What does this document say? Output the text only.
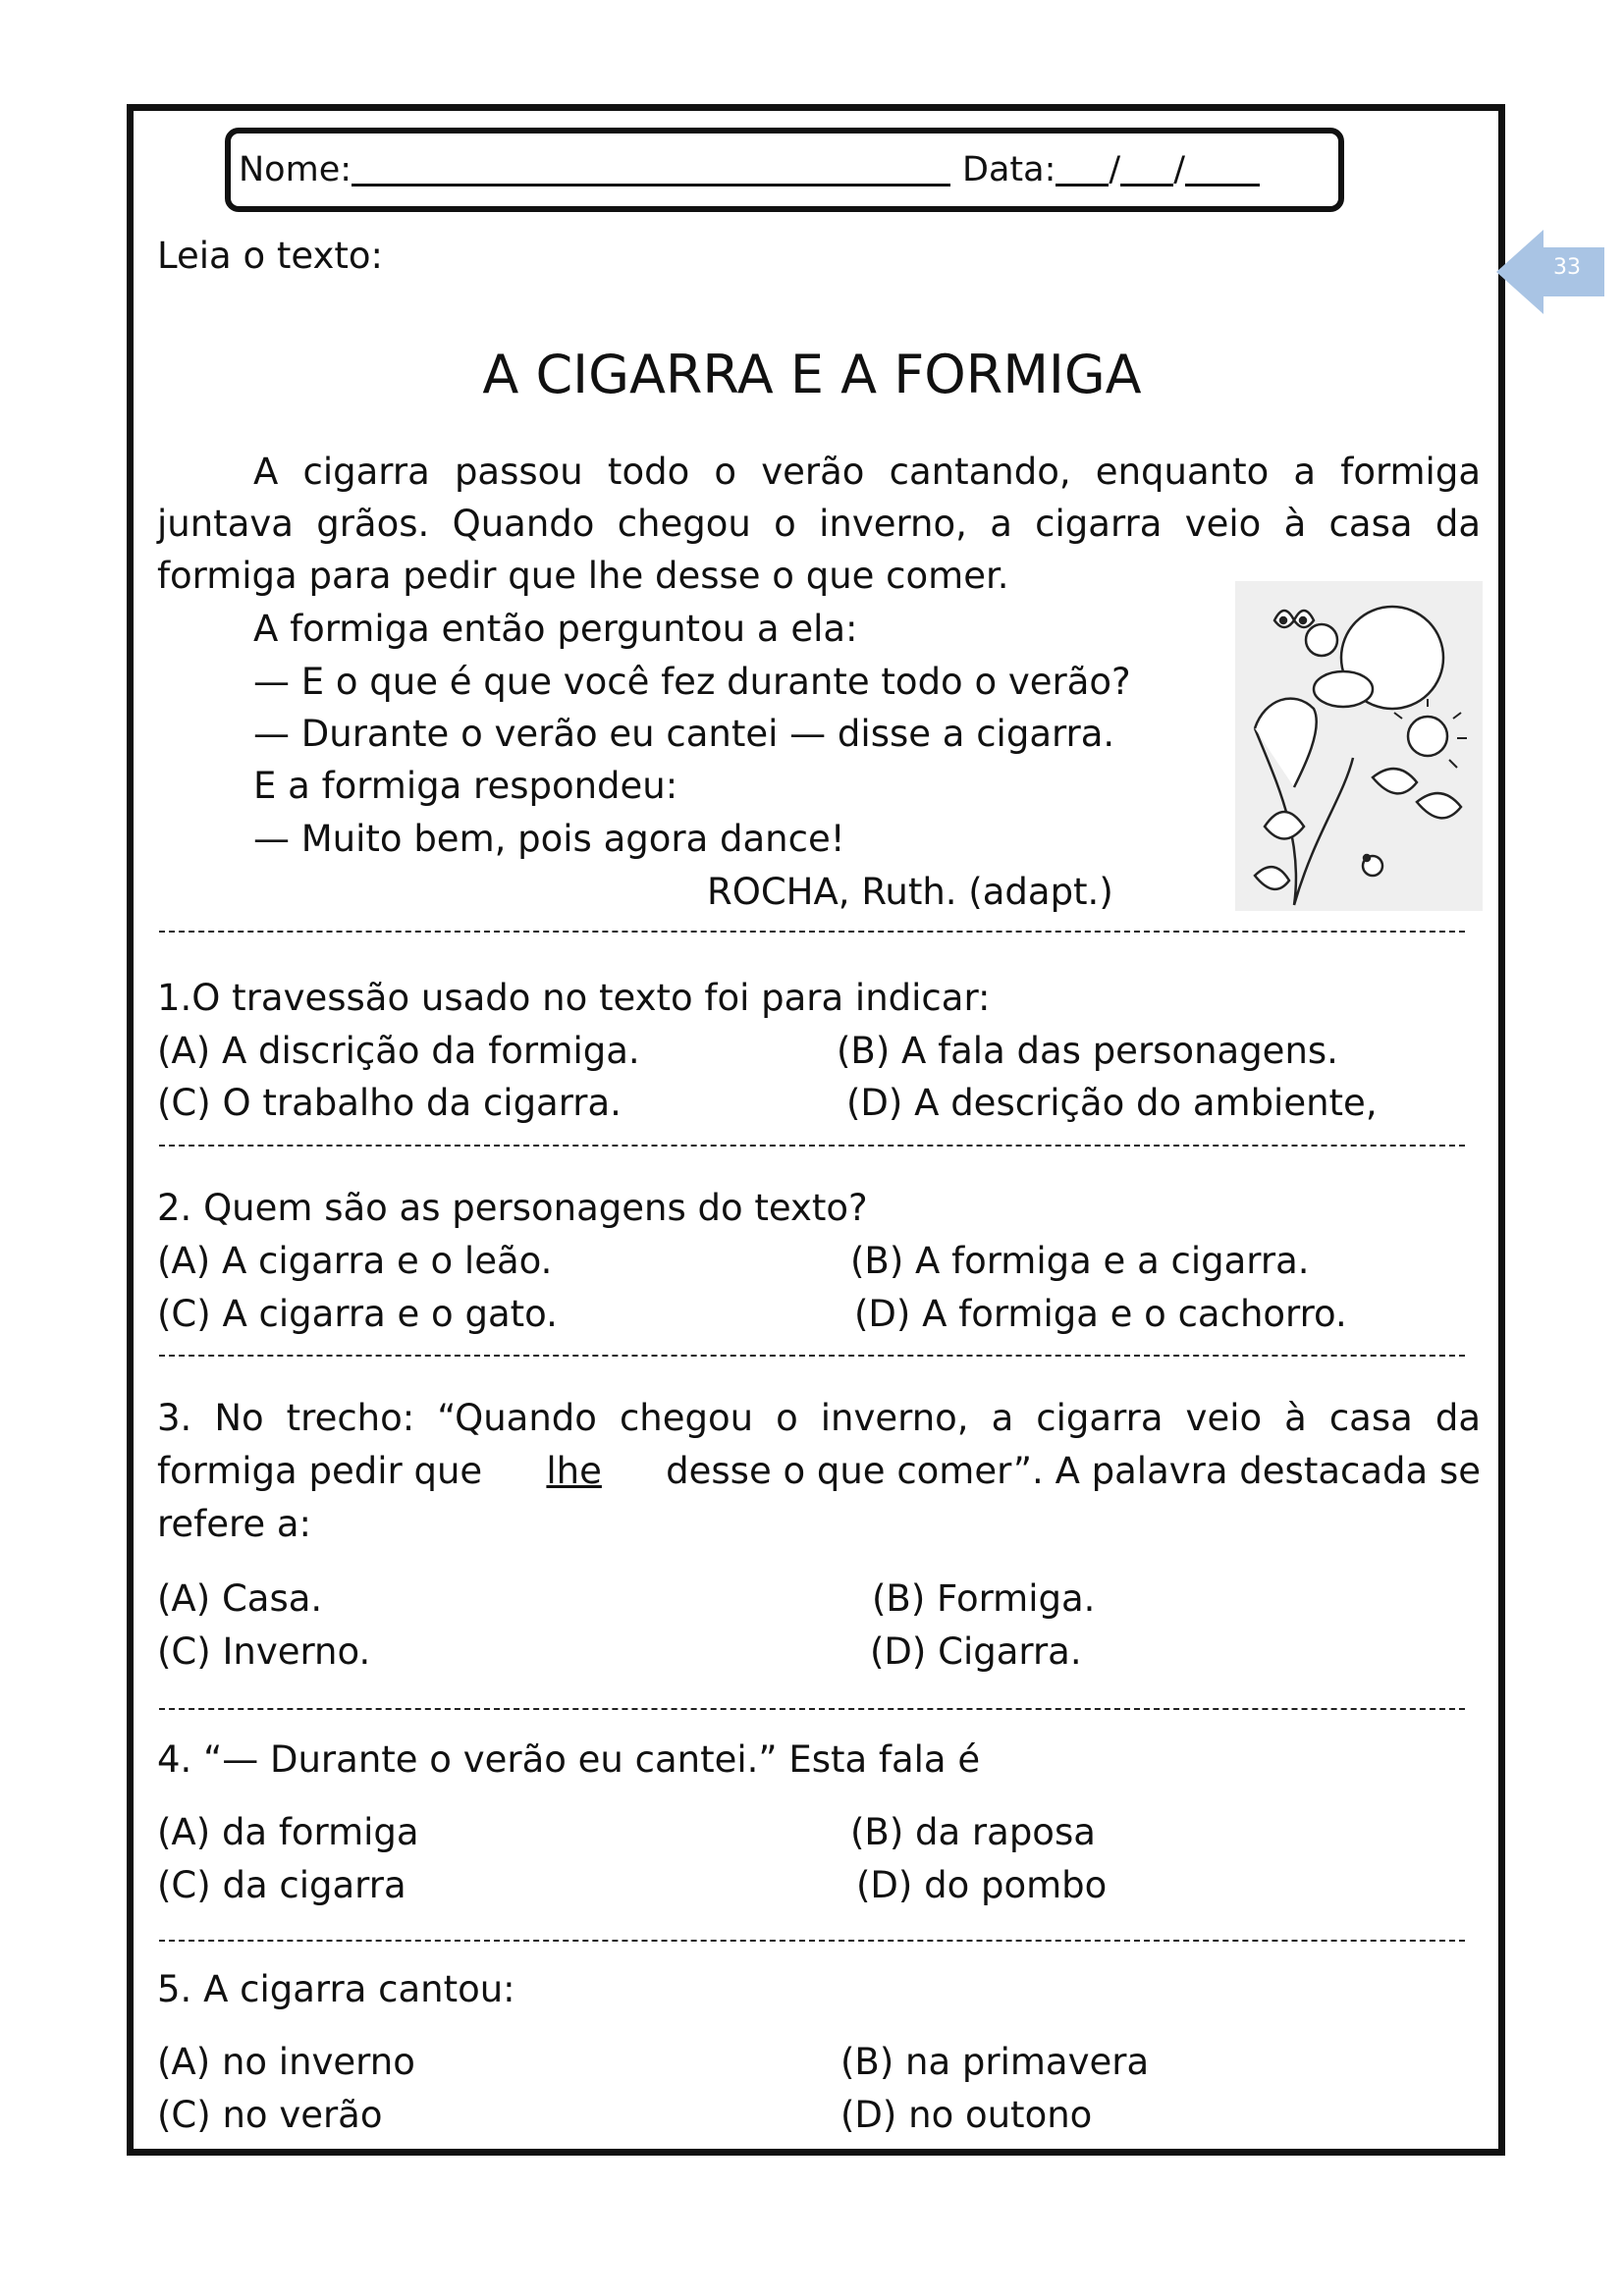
Nome:	Data: / /
33
Leia o texto:
A CIGARRA E A FORMIGA
A cigarra passou todo o verão cantando, enquanto a formiga
juntava grãos. Quando chegou o inverno, a cigarra veio à casa da
formiga para pedir que lhe desse o que comer.
A formiga então perguntou a ela:
— E o que é que você fez durante todo o verão?
— Durante o verão eu cantei — disse a cigarra.
E a formiga respondeu:
— Muito bem, pois agora dance!
ROCHA, Ruth. (adapt.)
1.O travessão usado no texto foi para indicar:
(A) A discrição da formiga.	(B) A fala das personagens.
(C) O trabalho da cigarra.	(D) A descrição do ambiente,
2. Quem são as personagens do texto?
(A) A cigarra e o leão.	(B) A formiga e a cigarra.
(C) A cigarra e o gato.	(D) A formiga e o cachorro.
3. No trecho: “Quando chegou o inverno, a cigarra veio à casa da
formiga pedir que lhe desse o que comer”. A palavra destacada se
refere a:
(A) Casa.	(B) Formiga.
(C) Inverno.	(D) Cigarra.
4. “— Durante o verão eu cantei.” Esta fala é
(A) da formiga	(B) da raposa
(C) da cigarra	(D) do pombo
5. A cigarra cantou:
(A) no inverno	(B) na primavera
(C) no verão	(D) no outono
